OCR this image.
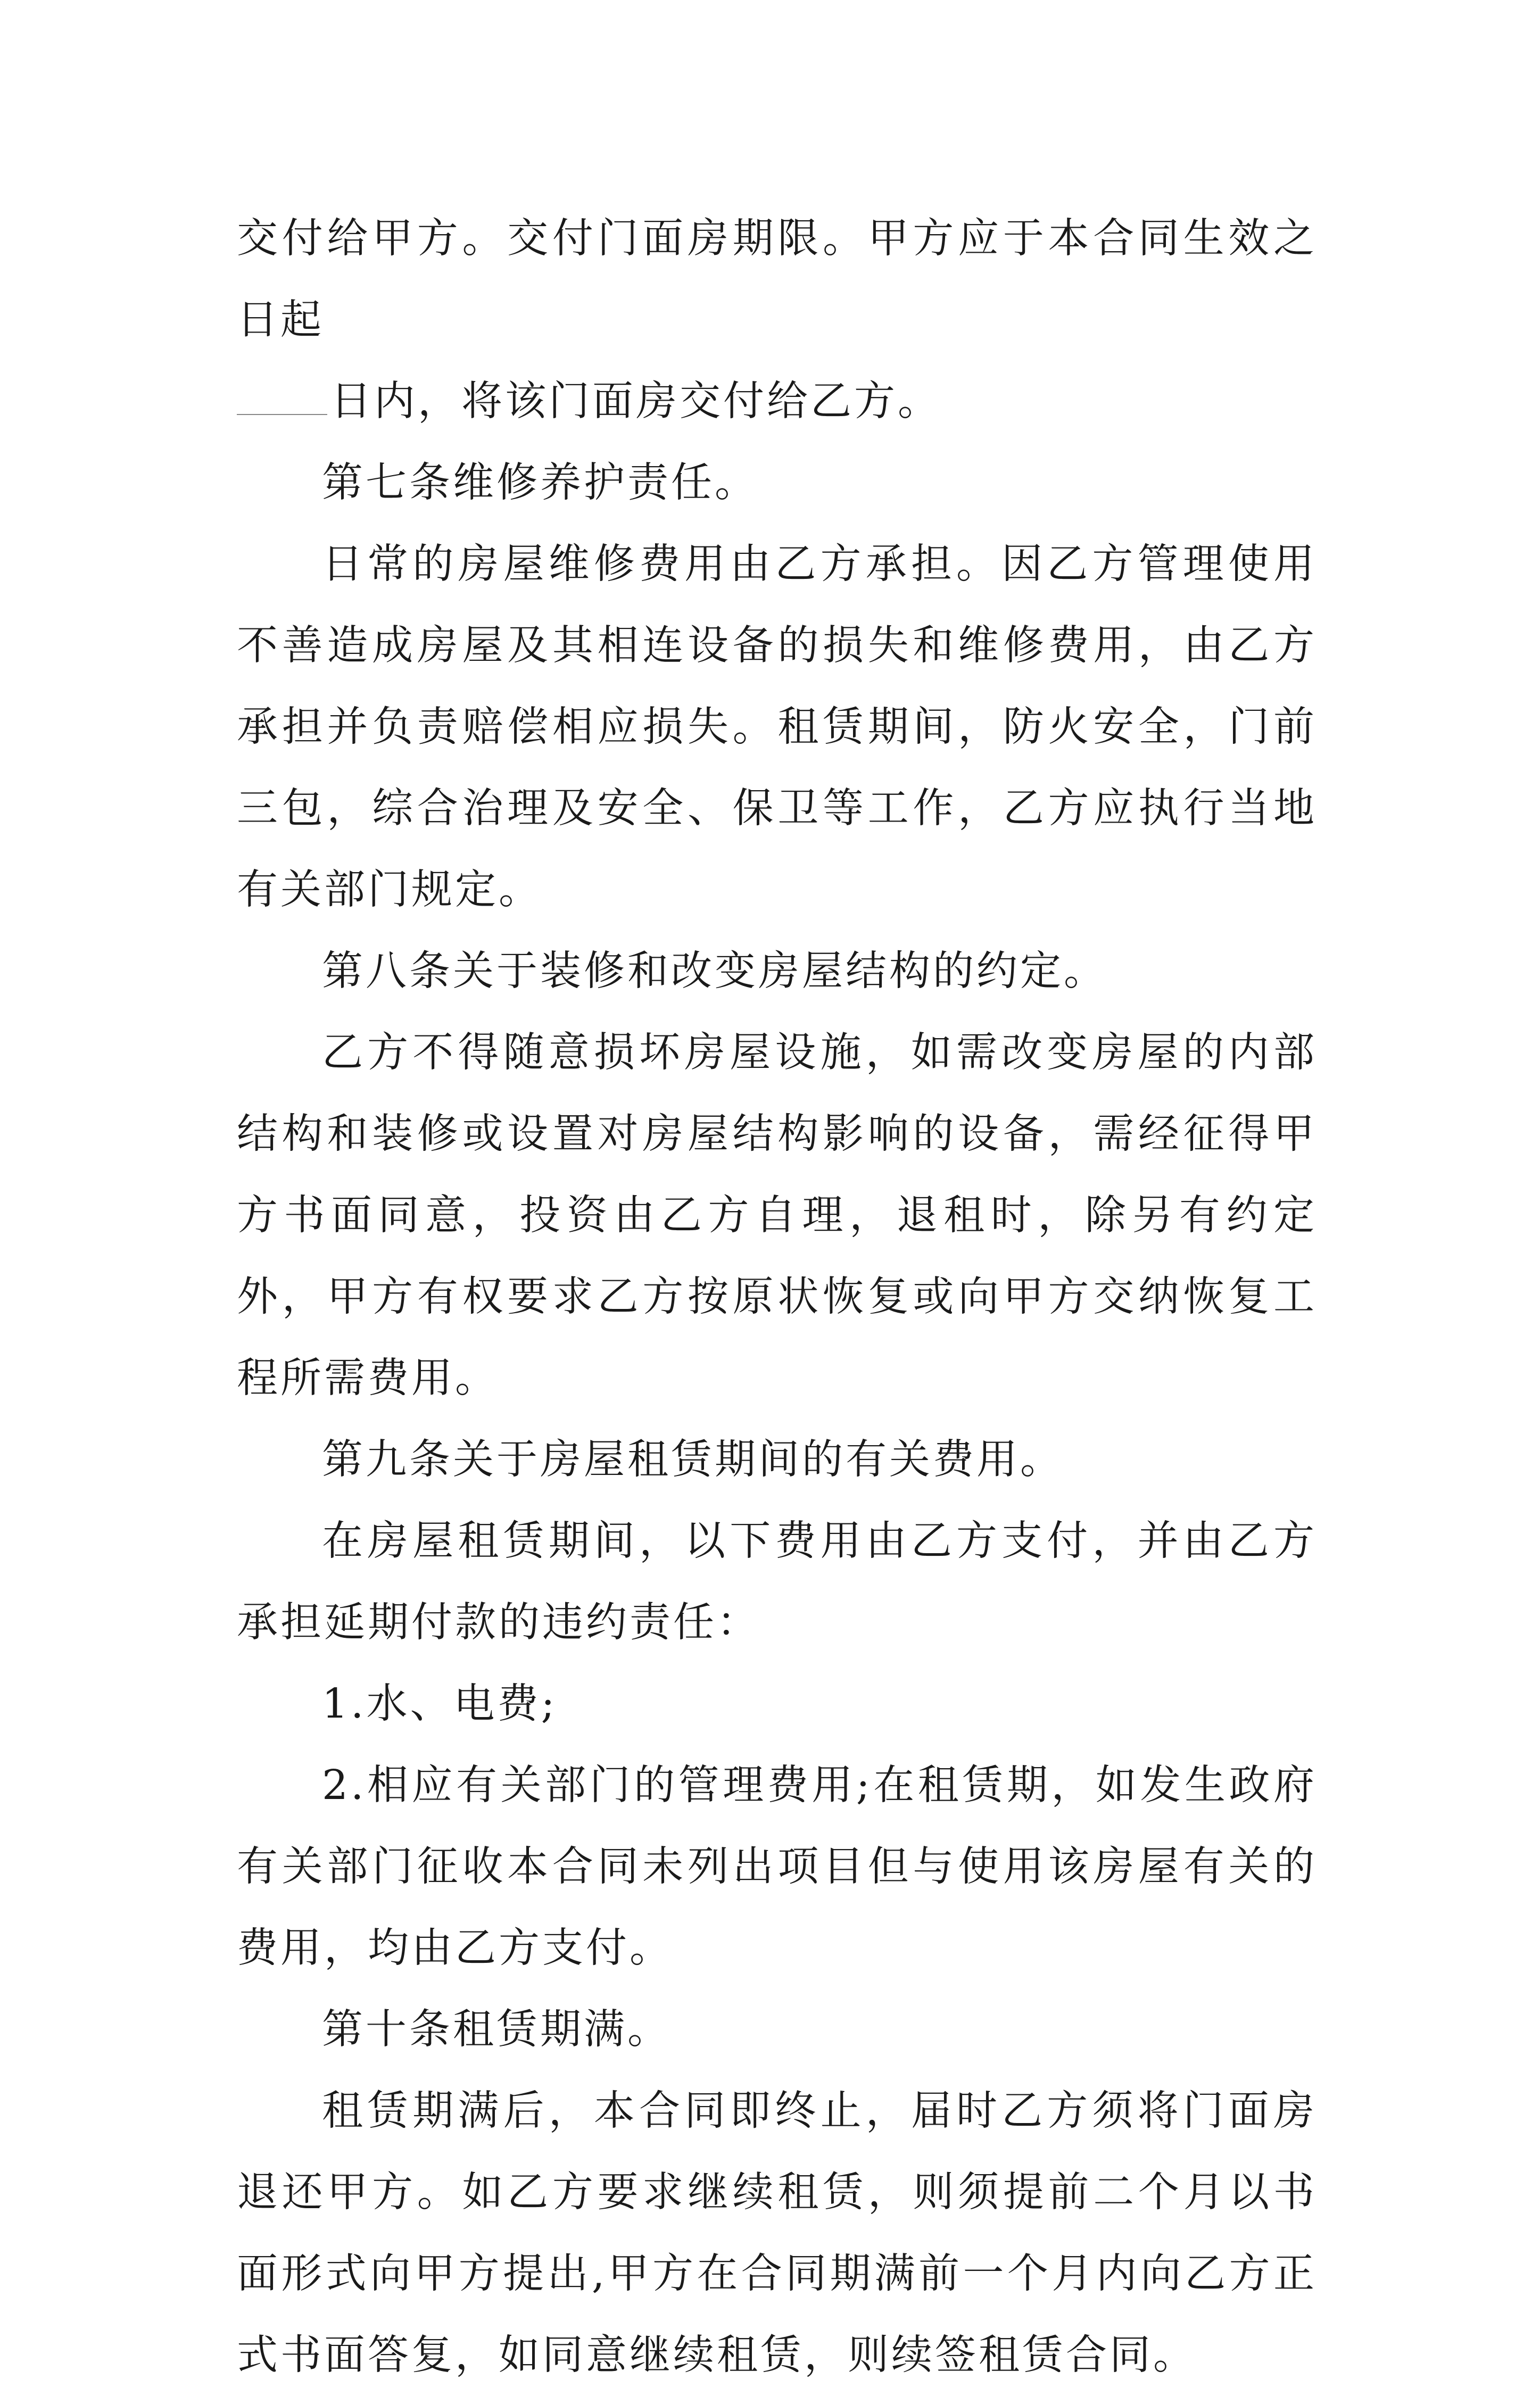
交付给甲方。交付门面房期限。甲方应于本合同生效之日起

日内，将该门面房交付给乙方。

第七条维修养护责任。

日常的房屋维修费用由乙方承担。因乙方管理使用不善造成房屋及其相连设备的损失和维修费用，由乙方承担并负责赔偿相应损失。租赁期间，防火安全，门前三包，综合治理及安全、保卫等工作，乙方应执行当地有关部门规定。

第八条关于装修和改变房屋结构的约定。

乙方不得随意损坏房屋设施，如需改变房屋的内部结构和装修或设置对房屋结构影响的设备，需经征得甲方书面同意，投资由乙方自理，退租时，除另有约定外，甲方有权要求乙方按原状恢复或向甲方交纳恢复工程所需费用。

第九条关于房屋租赁期间的有关费用。

在房屋租赁期间，以下费用由乙方支付，并由乙方承担延期付款的违约责任：

1.水、电费;

2.相应有关部门的管理费用;在租赁期，如发生政府有关部门征收本合同未列出项目但与使用该房屋有关的费用，均由乙方支付。

第十条租赁期满。

租赁期满后，本合同即终止，届时乙方须将门面房退还甲方。如乙方要求继续租赁，则须提前二个月以书面形式向甲方提出,甲方在合同期满前一个月内向乙方正式书面答复，如同意继续租赁，则续签租赁合同。
